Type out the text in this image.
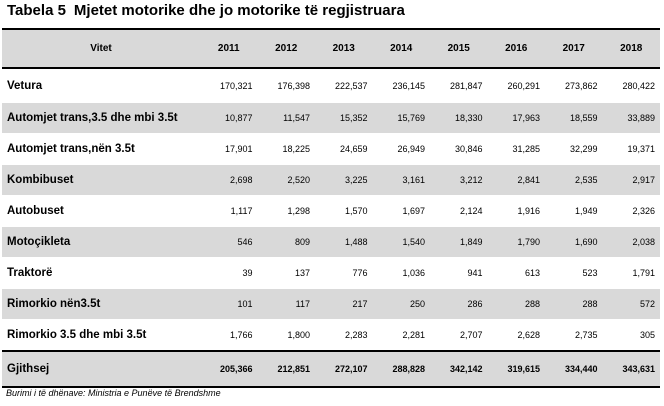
Tabela 5 Mjetet motorike dhe jo motorike të regjistruara
Vitet	2011	2012	2013	2014	2015	2016	2017	2018
Vetura	170,321	176,398	222,537	236,145	281,847	260,291	273,862	280,422
Automjet trans,3.5 dhe mbi 3.5t	10,877	11,547	15,352	15,769	18,330	17,963	18,559	33,889
Automjet trans,nën 3.5t	17,901	18,225	24,659	26,949	30,846	31,285	32,299	19,371
Kombibuset	2,698	2,520	3,225	3,161	3,212	2,841	2,535	2,917
Autobuset	1,117	1,298	1,570	1,697	2,124	1,916	1,949	2,326
Motoçikleta	546	809	1,488	1,540	1,849	1,790	1,690	2,038
Traktorë	39	137	776	1,036	941	613	523	1,791
Rimorkio nën3.5t	101	117	217	250	286	288	288	572
Rimorkio 3.5 dhe mbi 3.5t	1,766	1,800	2,283	2,281	2,707	2,628	2,735	305
Gjithsej	205,366	212,851	272,107	288,828	342,142	319,615	334,440	343,631
Burimi i të dhënave: Ministria e Punëve të Brendshme
